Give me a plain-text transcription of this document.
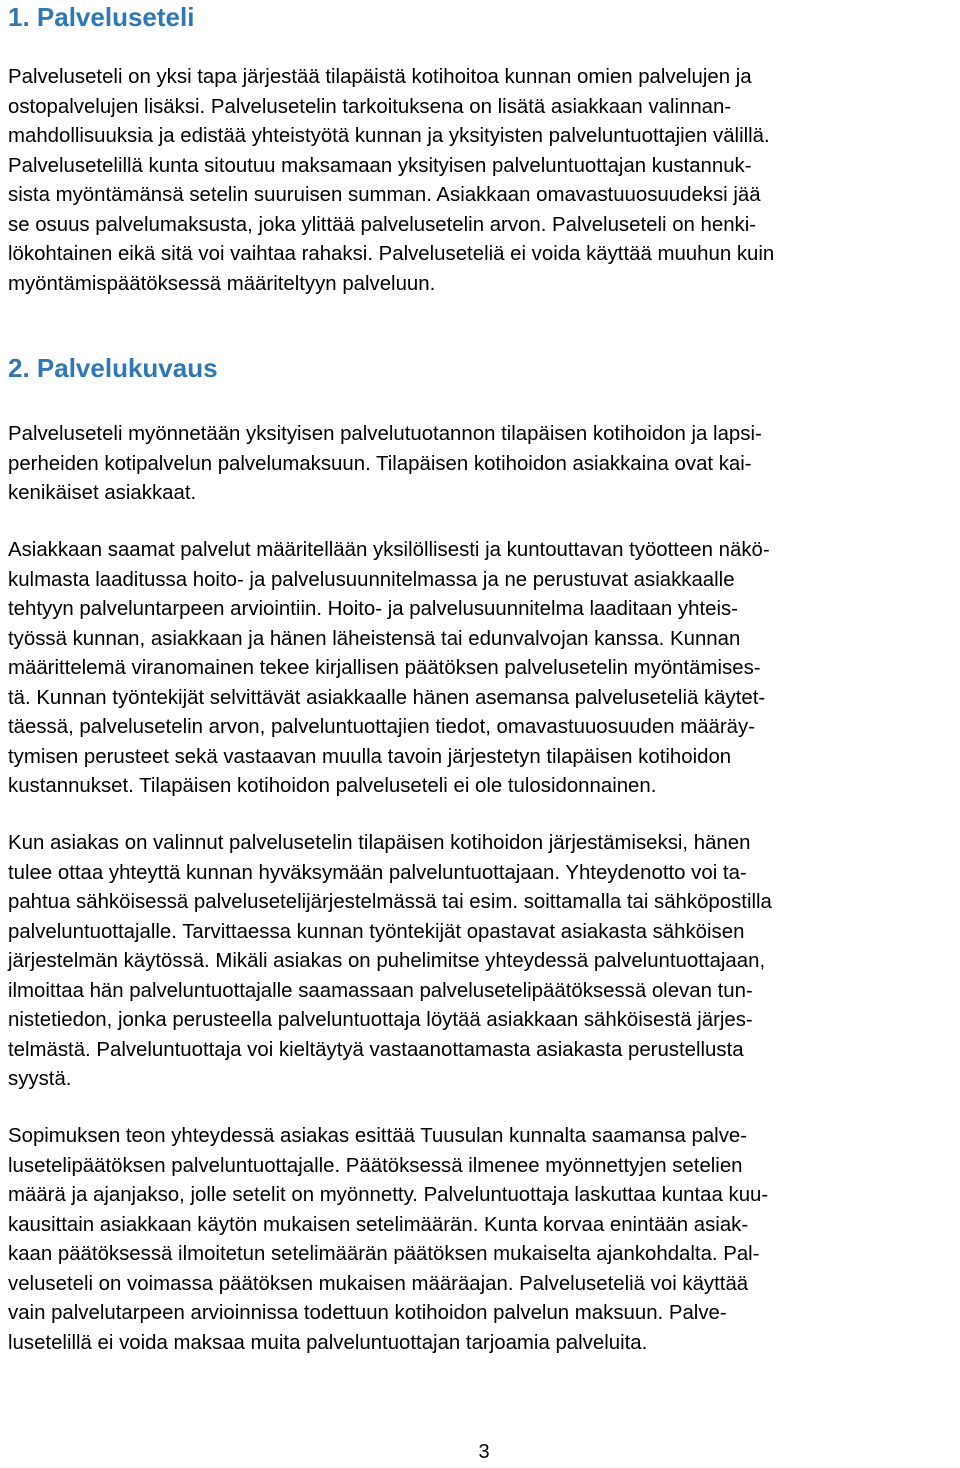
1. Palveluseteli

Palveluseteli on yksi tapa järjestää tilapäistä kotihoitoa kunnan omien palvelujen ja
ostopalvelujen lisäksi. Palvelusetelin tarkoituksena on lisätä asiakkaan valinnan-
mahdollisuuksia ja edistää yhteistyötä kunnan ja yksityisten palveluntuottajien välillä.
Palvelusetelillä kunta sitoutuu maksamaan yksityisen palveluntuottajan kustannuk-
sista myöntämänsä setelin suuruisen summan. Asiakkaan omavastuuosuudeksi jää
se osuus palvelumaksusta, joka ylittää palvelusetelin arvon. Palveluseteli on henki-
lökohtainen eikä sitä voi vaihtaa rahaksi. Palveluseteliä ei voida käyttää muuhun kuin
myöntämispäätöksessä määriteltyyn palveluun.

2. Palvelukuvaus

Palveluseteli myönnetään yksityisen palvelutuotannon tilapäisen kotihoidon ja lapsi-
perheiden kotipalvelun palvelumaksuun. Tilapäisen kotihoidon asiakkaina ovat kai-
kenikäiset asiakkaat.

Asiakkaan saamat palvelut määritellään yksilöllisesti ja kuntouttavan työotteen näkö-
kulmasta laaditussa hoito- ja palvelusuunnitelmassa ja ne perustuvat asiakkaalle
tehtyyn palveluntarpeen arviointiin. Hoito- ja palvelusuunnitelma laaditaan yhteis-
työssä kunnan, asiakkaan ja hänen läheistensä tai edunvalvojan kanssa. Kunnan
määrittelemä viranomainen tekee kirjallisen päätöksen palvelusetelin myöntämises-
tä. Kunnan työntekijät selvittävät asiakkaalle hänen asemansa palveluseteliä käytet-
täessä, palvelusetelin arvon, palveluntuottajien tiedot, omavastuuosuuden määräy-
tymisen perusteet sekä vastaavan muulla tavoin järjestetyn tilapäisen kotihoidon
kustannukset. Tilapäisen kotihoidon palveluseteli ei ole tulosidonnainen.

Kun asiakas on valinnut palvelusetelin tilapäisen kotihoidon järjestämiseksi, hänen
tulee ottaa yhteyttä kunnan hyväksymään palveluntuottajaan. Yhteydenotto voi ta-
pahtua sähköisessä palvelusetelijärjestelmässä tai esim. soittamalla tai sähköpostilla
palveluntuottajalle. Tarvittaessa kunnan työntekijät opastavat asiakasta sähköisen
järjestelmän käytössä. Mikäli asiakas on puhelimitse yhteydessä palveluntuottajaan,
ilmoittaa hän palveluntuottajalle saamassaan palvelusetelipäätöksessä olevan tun-
nistetiedon, jonka perusteella palveluntuottaja löytää asiakkaan sähköisestä järjes-
telmästä. Palveluntuottaja voi kieltäytyä vastaanottamasta asiakasta perustellusta
syystä.

Sopimuksen teon yhteydessä asiakas esittää Tuusulan kunnalta saamansa palve-
lusetelipäätöksen palveluntuottajalle. Päätöksessä ilmenee myönnettyjen setelien
määrä ja ajanjakso, jolle setelit on myönnetty. Palveluntuottaja laskuttaa kuntaa kuu-
kausittain asiakkaan käytön mukaisen setelimäärän. Kunta korvaa enintään asiak-
kaan päätöksessä ilmoitetun setelimäärän päätöksen mukaiselta ajankohdalta. Pal-
veluseteli on voimassa päätöksen mukaisen määräajan. Palveluseteliä voi käyttää
vain palvelutarpeen arvioinnissa todettuun kotihoidon palvelun maksuun. Palve-
lusetelillä ei voida maksaa muita palveluntuottajan tarjoamia palveluita.

3
